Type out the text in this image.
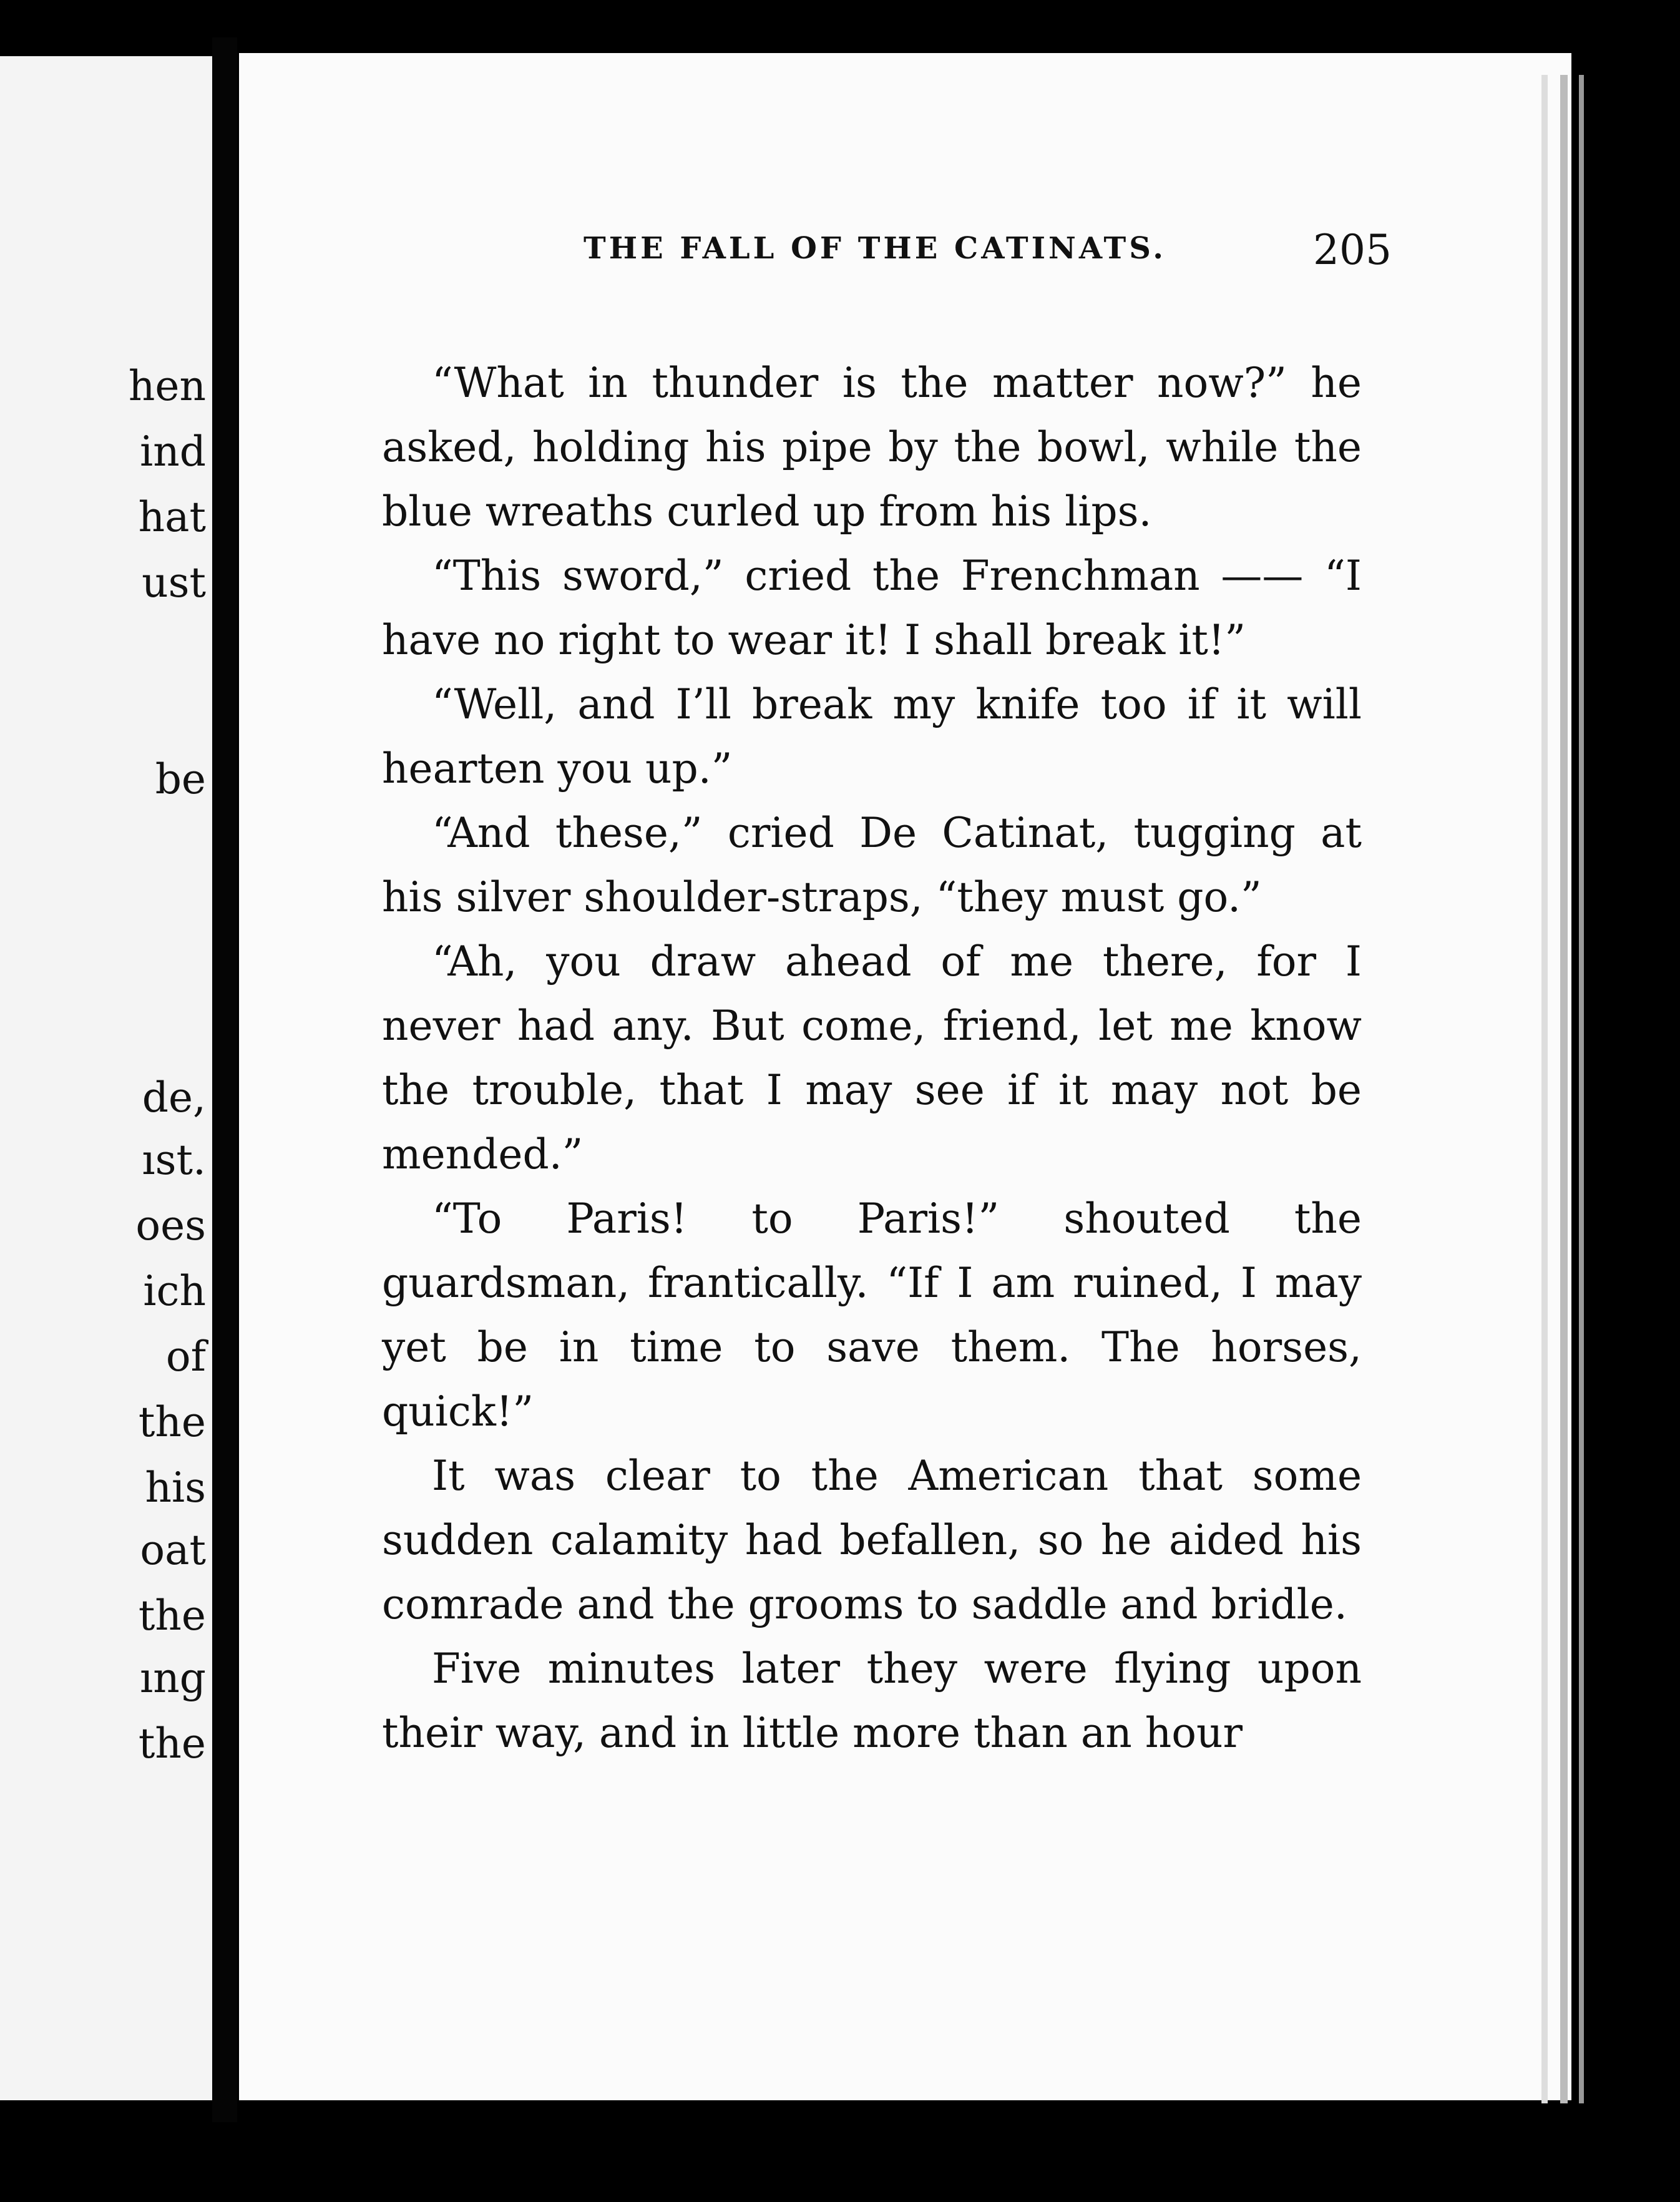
hen
ind
hat
ust
be
de,
ıst.
oes
ich
of
the
his
oat
the
ıng
the
THE FALL OF THE CATINATS.	205

“What in thunder is the matter now?” he asked, holding his pipe by the bowl, while the blue wreaths curled up from his lips.

“This sword,” cried the Frenchman —— “I have no right to wear it! I shall break it!”

“Well, and I’ll break my knife too if it will hearten you up.”

“And these,” cried De Catinat, tugging at his silver shoulder-straps, “they must go.”

“Ah, you draw ahead of me there, for I never had any. But come, friend, let me know the trouble, that I may see if it may not be mended.”

“To Paris! to Paris!” shouted the guardsman, frantically. “If I am ruined, I may yet be in time to save them. The horses, quick!”

It was clear to the American that some sudden calamity had befallen, so he aided his comrade and the grooms to saddle and bridle.

Five minutes later they were flying upon their way, and in little more than an hour
